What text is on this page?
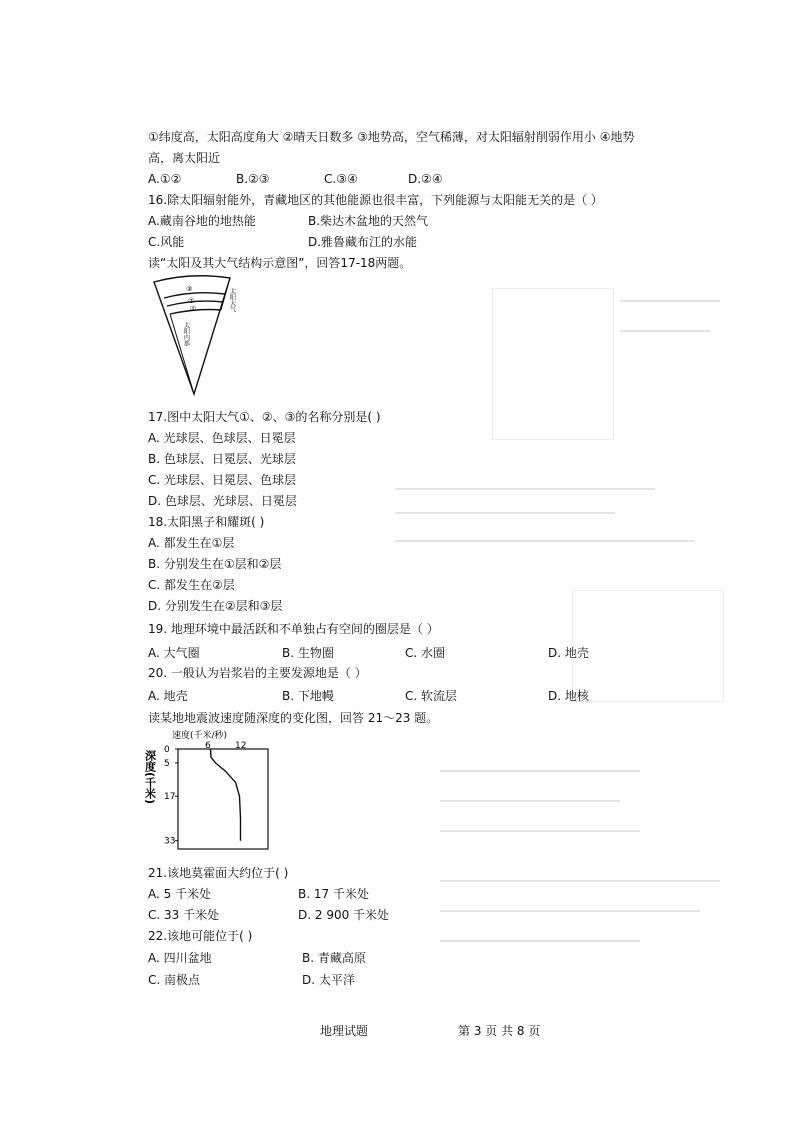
①纬度高，太阳高度角大 ②晴天日数多 ③地势高，空气稀薄，对太阳辐射削弱作用小 ④地势
高，离太阳近
A.①②	B.②③	C.③④	D.②④
16.除太阳辐射能外，青藏地区的其他能源也很丰富，下列能源与太阳能无关的是（ ）
A.藏南谷地的地热能	B.柴达木盆地的天然气
C.风能	D.雅鲁藏布江的水能
读“太阳及其大气结构示意图”，回答17-18两题。
③
②
①	太阳大气
太阳内部
17.图中太阳大气①、②、③的名称分别是( )
A. 光球层、色球层、日冕层
B. 色球层、日冕层、光球层
C. 光球层、日冕层、色球层
D. 色球层、光球层、日冕层
18.太阳黑子和耀斑( )
A. 都发生在①层
B. 分别发生在①层和②层
C. 都发生在②层
D. 分别发生在②层和③层
19. 地理环境中最活跃和不单独占有空间的圈层是（ ）
A. 大气圈	B. 生物圈	C. 水圈	D. 地壳
20. 一般认为岩浆岩的主要发源地是（ ）
A. 地壳	B. 下地幔	C. 软流层	D. 地核
读某地地震波速度随深度的变化图，回答 21～23 题。
速度(千米/秒)
深度(千米)
6	12
0
5
17
33
21.该地莫霍面大约位于( )
A. 5 千米处	B. 17 千米处
C. 33 千米处	D. 2 900 千米处
22.该地可能位于( )
A. 四川盆地	B. 青藏高原
C. 南极点	D. 太平洋
地理试题	第 3 页 共 8 页
